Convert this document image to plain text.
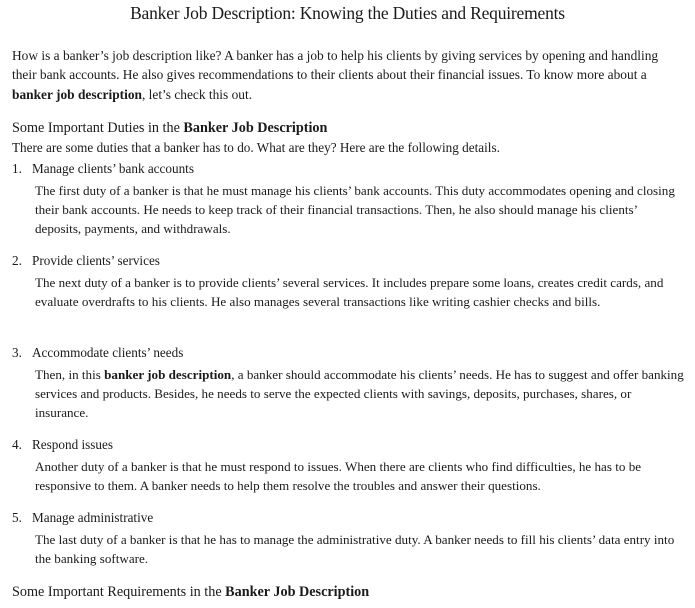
Banker Job Description: Knowing the Duties and Requirements
How is a banker’s job description like? A banker has a job to help his clients by giving services by opening and handling their bank accounts. He also gives recommendations to their clients about their financial issues. To know more about a banker job description, let’s check this out.
Some Important Duties in the Banker Job Description
There are some duties that a banker has to do. What are they? Here are the following details.
1. Manage clients’ bank accounts
The first duty of a banker is that he must manage his clients’ bank accounts. This duty accommodates opening and closing their bank accounts. He needs to keep track of their financial transactions. Then, he also should manage his clients’ deposits, payments, and withdrawals.
2. Provide clients’ services
The next duty of a banker is to provide clients’ several services. It includes prepare some loans, creates credit cards, and evaluate overdrafts to his clients. He also manages several transactions like writing cashier checks and bills.
3. Accommodate clients’ needs
Then, in this banker job description, a banker should accommodate his clients’ needs. He has to suggest and offer banking services and products. Besides, he needs to serve the expected clients with savings, deposits, purchases, shares, or insurance.
4. Respond issues
Another duty of a banker is that he must respond to issues. When there are clients who find difficulties, he has to be responsive to them. A banker needs to help them resolve the troubles and answer their questions.
5. Manage administrative
The last duty of a banker is that he has to manage the administrative duty. A banker needs to fill his clients’ data entry into the banking software.
Some Important Requirements in the Banker Job Description
